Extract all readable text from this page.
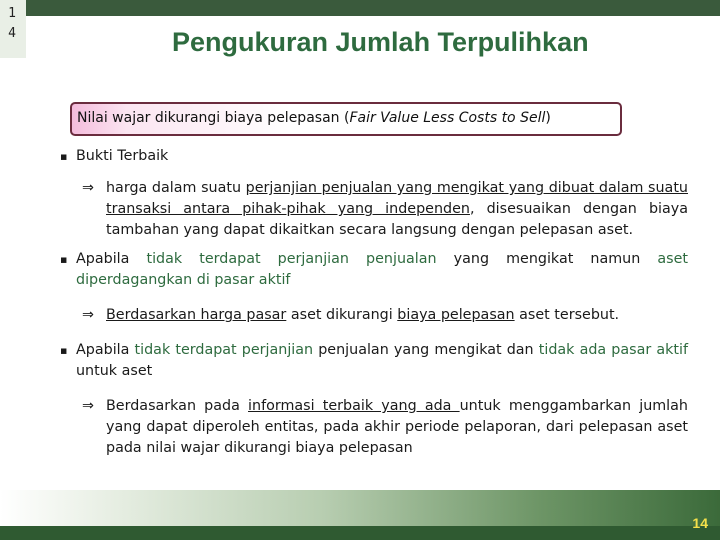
1
4	Pengukuran Jumlah Terpulihkan
Nilai wajar dikurangi biaya pelepasan (Fair Value Less Costs to Sell)
▪ Bukti Terbaik
⇒ harga dalam suatu perjanjian penjualan yang mengikat yang dibuat dalam suatu transaksi antara pihak-pihak yang independen, disesuaikan dengan biaya tambahan yang dapat dikaitkan secara langsung dengan pelepasan aset.
▪ Apabila tidak terdapat perjanjian penjualan yang mengikat namun aset diperdagangkan di pasar aktif
⇒ Berdasarkan harga pasar aset dikurangi biaya pelepasan aset tersebut.
▪ Apabila tidak terdapat perjanjian penjualan yang mengikat dan tidak ada pasar aktif untuk aset
⇒ Berdasarkan pada informasi terbaik yang ada untuk menggambarkan jumlah yang dapat diperoleh entitas, pada akhir periode pelaporan, dari pelepasan aset pada nilai wajar dikurangi biaya pelepasan
14
